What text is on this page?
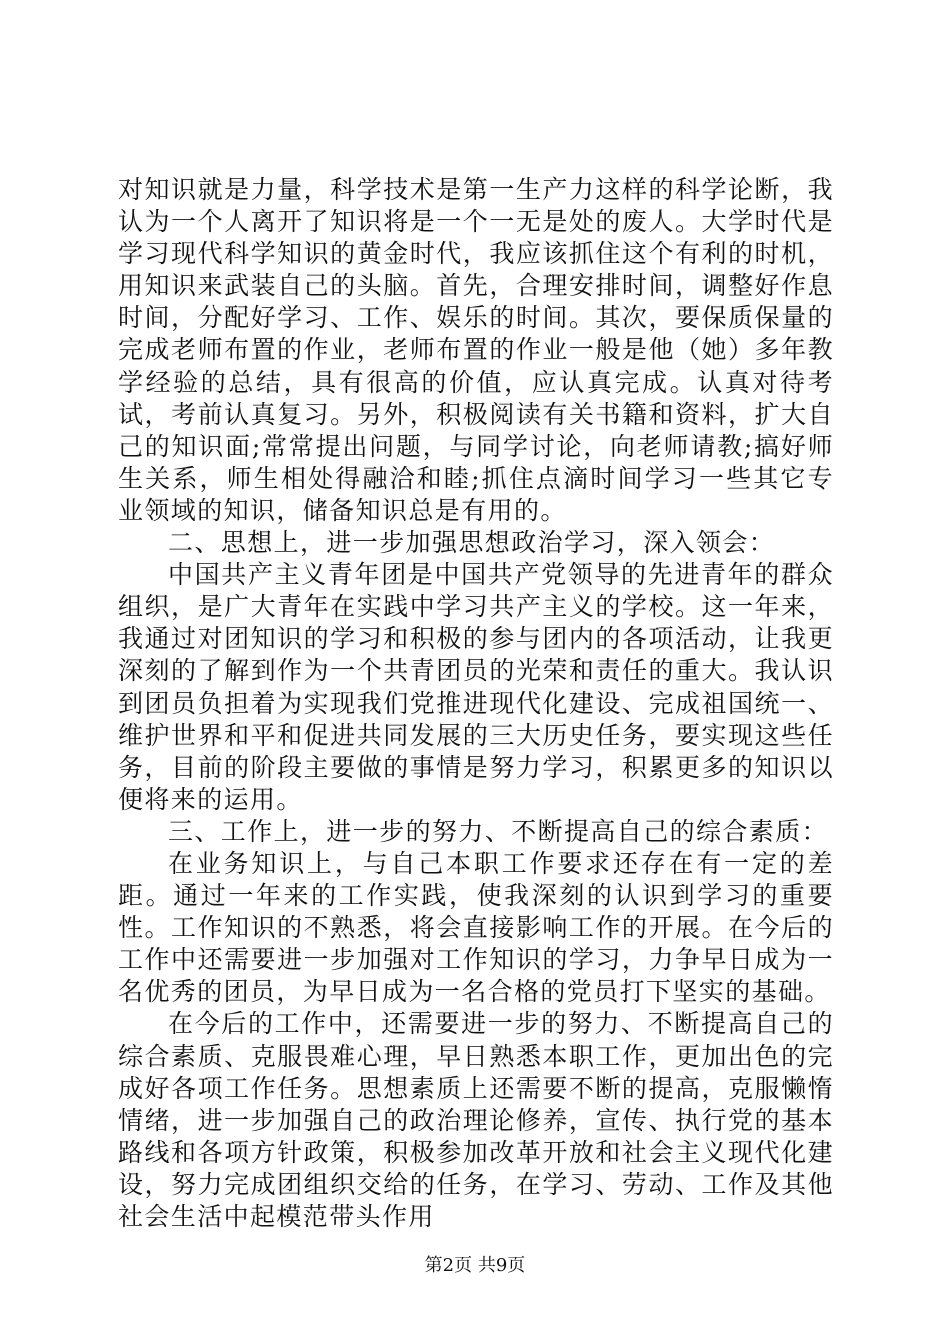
对知识就是力量，科学技术是第一生产力这样的科学论断，我认为一个人离开了知识将是一个一无是处的废人。大学时代是学习现代科学知识的黄金时代，我应该抓住这个有利的时机，用知识来武装自己的头脑。首先，合理安排时间，调整好作息时间，分配好学习、工作、娱乐的时间。其次，要保质保量的完成老师布置的作业，老师布置的作业一般是他（她）多年教学经验的总结，具有很高的价值，应认真完成。认真对待考试，考前认真复习。另外，积极阅读有关书籍和资料，扩大自己的知识面;常常提出问题，与同学讨论，向老师请教;搞好师生关系，师生相处得融洽和睦;抓住点滴时间学习一些其它专业领域的知识，储备知识总是有用的。

二、思想上，进一步加强思想政治学习，深入领会：

中国共产主义青年团是中国共产党领导的先进青年的群众组织，是广大青年在实践中学习共产主义的学校。这一年来，我通过对团知识的学习和积极的参与团内的各项活动，让我更深刻的了解到作为一个共青团员的光荣和责任的重大。我认识到团员负担着为实现我们党推进现代化建设、完成祖国统一、维护世界和平和促进共同发展的三大历史任务，要实现这些任务，目前的阶段主要做的事情是努力学习，积累更多的知识以便将来的运用。

三、工作上，进一步的努力、不断提高自己的综合素质：

在业务知识上，与自己本职工作要求还存在有一定的差距。通过一年来的工作实践，使我深刻的认识到学习的重要性。工作知识的不熟悉，将会直接影响工作的开展。在今后的工作中还需要进一步加强对工作知识的学习，力争早日成为一名优秀的团员，为早日成为一名合格的党员打下坚实的基础。

在今后的工作中，还需要进一步的努力、不断提高自己的综合素质、克服畏难心理，早日熟悉本职工作，更加出色的完成好各项工作任务。思想素质上还需要不断的提高，克服懒惰情绪，进一步加强自己的政治理论修养，宣传、执行党的基本路线和各项方针政策，积极参加改革开放和社会主义现代化建设，努力完成团组织交给的任务，在学习、劳动、工作及其他社会生活中起模范带头作用

第2页 共9页
